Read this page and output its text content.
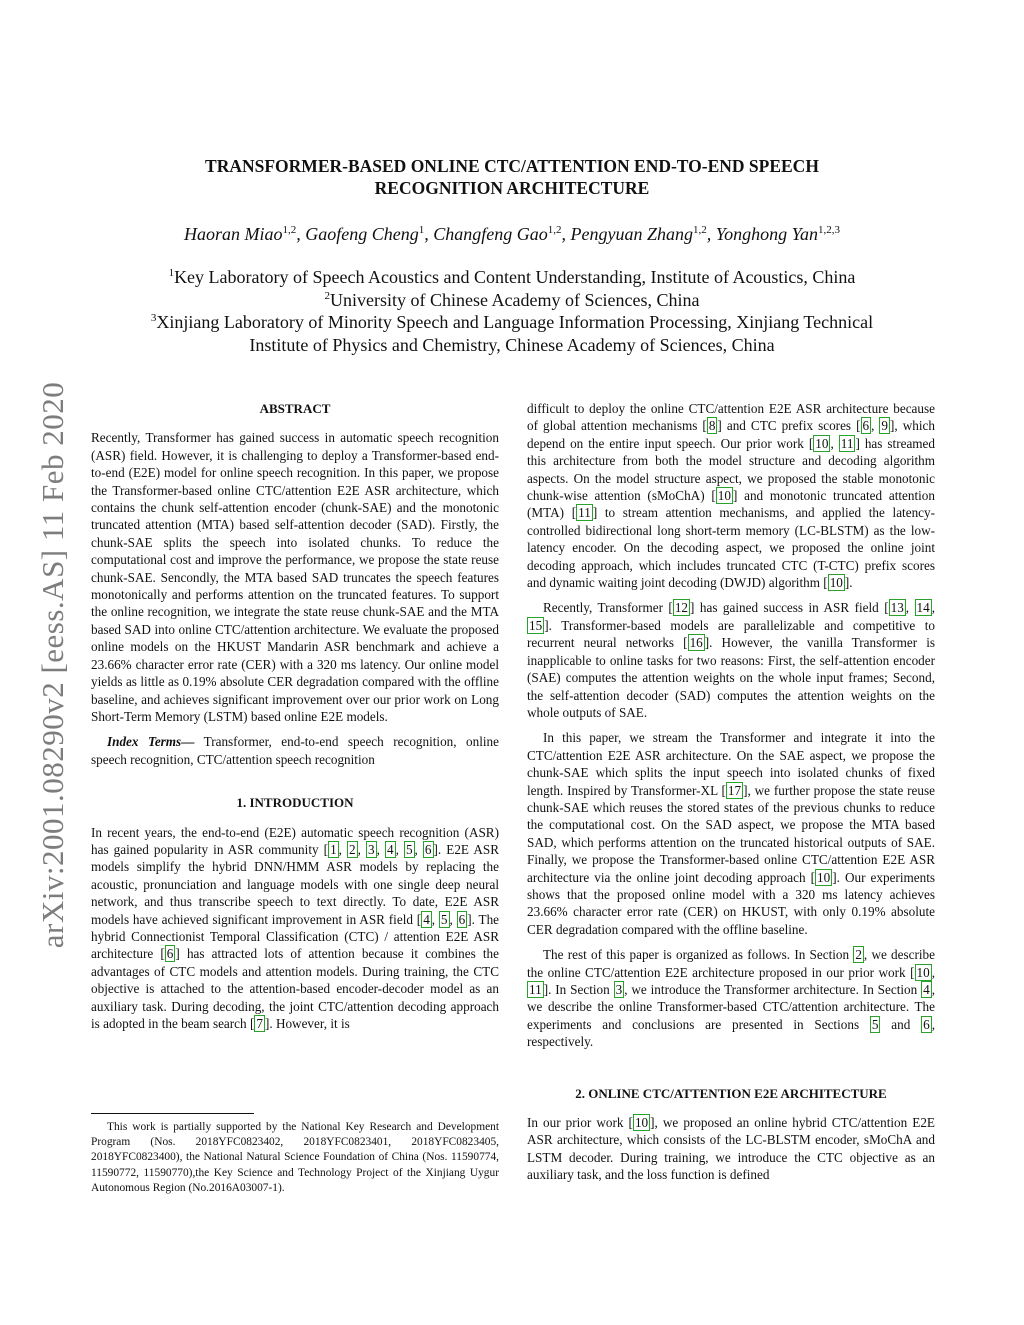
arXiv:2001.08290v2 [eess.AS] 11 Feb 2020
TRANSFORMER-BASED ONLINE CTC/ATTENTION END-TO-END SPEECH
RECOGNITION ARCHITECTURE
Haoran Miao$^{1,2}$, Gaofeng Cheng$^1$, Changfeng Gao$^{1,2}$, Pengyuan Zhang$^{1,2}$, Yonghong Yan$^{1,2,3}$
$^1$Key Laboratory of Speech Acoustics and Content Understanding, Institute of Acoustics, China
$^2$University of Chinese Academy of Sciences, China
$^3$Xinjiang Laboratory of Minority Speech and Language Information Processing, Xinjiang Technical
Institute of Physics and Chemistry, Chinese Academy of Sciences, China
ABSTRACT

Recently, Transformer has gained success in automatic speech recognition (ASR) field. However, it is challenging to deploy a Transformer-based end-to-end (E2E) model for online speech recognition. In this paper, we propose the Transformer-based online CTC/attention E2E ASR architecture, which contains the chunk self-attention encoder (chunk-SAE) and the monotonic truncated attention (MTA) based self-attention decoder (SAD). Firstly, the chunk-SAE splits the speech into isolated chunks. To reduce the computational cost and improve the performance, we propose the state reuse chunk-SAE. Sencondly, the MTA based SAD truncates the speech features monotonically and performs attention on the truncated features. To support the online recognition, we integrate the state reuse chunk-SAE and the MTA based SAD into online CTC/attention architecture. We evaluate the proposed online models on the HKUST Mandarin ASR benchmark and achieve a 23.66% character error rate (CER) with a 320 ms latency. Our online model yields as little as 0.19% absolute CER degradation compared with the offline baseline, and achieves significant improvement over our prior work on Long Short-Term Memory (LSTM) based online E2E models.

Index Terms— Transformer, end-to-end speech recognition, online speech recognition, CTC/attention speech recognition

1. INTRODUCTION

In recent years, the end-to-end (E2E) automatic speech recognition (ASR) has gained popularity in ASR community [ 1 , 2 , 3 , 4 , 5 , 6 ]. E2E ASR models simplify the hybrid DNN/HMM ASR models by replacing the acoustic, pronunciation and language models with one single deep neural network, and thus transcribe speech to text directly. To date, E2E ASR models have achieved significant improvement in ASR field [ 4 , 5 , 6 ]. The hybrid Connectionist Temporal Classification (CTC) / attention E2E ASR architecture [ 6 ] has attracted lots of attention because it combines the advantages of CTC models and attention models. During training, the CTC objective is attached to the attention-based encoder-decoder model as an auxiliary task. During decoding, the joint CTC/attention decoding approach is adopted in the beam search [ 7 ]. However, it is

This work is partially supported by the National Key Research and Development Program (Nos. 2018YFC0823402, 2018YFC0823401, 2018YFC0823405, 2018YFC0823400), the National Natural Science Foundation of China (Nos. 11590774, 11590772, 11590770),the Key Science and Technology Project of the Xinjiang Uygur Autonomous Region (No.2016A03007-1).

difficult to deploy the online CTC/attention E2E ASR architecture because of global attention mechanisms [ 8 ] and CTC prefix scores [ 6 , 9 ], which depend on the entire input speech. Our prior work [ 10 , 11 ] has streamed this architecture from both the model structure and decoding algorithm aspects. On the model structure aspect, we proposed the stable monotonic chunk-wise attention (sMoChA) [ 10 ] and monotonic truncated attention (MTA) [ 11 ] to stream attention mechanisms, and applied the latency-controlled bidirectional long short-term memory (LC-BLSTM) as the low-latency encoder. On the decoding aspect, we proposed the online joint decoding approach, which includes truncated CTC (T-CTC) prefix scores and dynamic waiting joint decoding (DWJD) algorithm [ 10 ].

Recently, Transformer [ 12 ] has gained success in ASR field [ 13 , 14 , 15 ]. Transformer-based models are parallelizable and competitive to recurrent neural networks [ 16 ]. However, the vanilla Transformer is inapplicable to online tasks for two reasons: First, the self-attention encoder (SAE) computes the attention weights on the whole input frames; Second, the self-attention decoder (SAD) computes the attention weights on the whole outputs of SAE.

In this paper, we stream the Transformer and integrate it into the CTC/attention E2E ASR architecture. On the SAE aspect, we propose the chunk-SAE which splits the input speech into isolated chunks of fixed length. Inspired by Transformer-XL [ 17 ], we further propose the state reuse chunk-SAE which reuses the stored states of the previous chunks to reduce the computational cost. On the SAD aspect, we propose the MTA based SAD, which performs attention on the truncated historical outputs of SAE. Finally, we propose the Transformer-based online CTC/attention E2E ASR architecture via the online joint decoding approach [ 10 ]. Our experiments shows that the proposed online model with a 320 ms latency achieves 23.66% character error rate (CER) on HKUST, with only 0.19% absolute CER degradation compared with the offline baseline.

The rest of this paper is organized as follows. In Section 2 , we describe the online CTC/attention E2E architecture proposed in our prior work [ 10 , 11 ]. In Section 3 , we introduce the Transformer architecture. In Section 4 , we describe the online Transformer-based CTC/attention architecture. The experiments and conclusions are presented in Sections 5 and 6 , respectively.

2. ONLINE CTC/ATTENTION E2E ARCHITECTURE

In our prior work [ 10 ], we proposed an online hybrid CTC/attention E2E ASR architecture, which consists of the LC-BLSTM encoder, sMoChA and LSTM decoder. During training, we introduce the CTC objective as an auxiliary task, and the loss function is defined
